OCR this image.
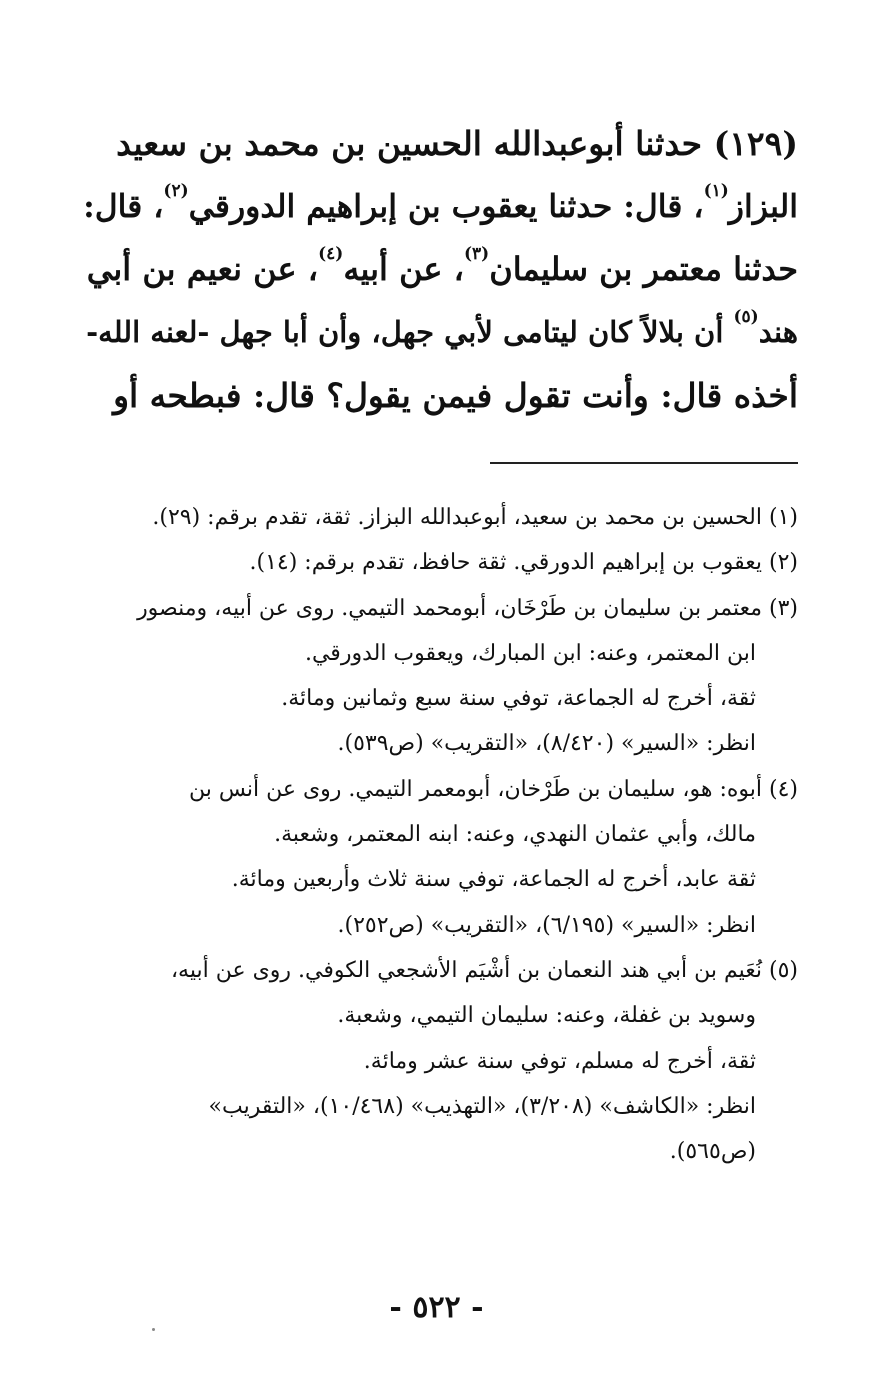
(١٢٩) حدثنا أبوعبدالله الحسين بن محمد بن سعيد
البزاز$^{(١)}$، قال: حدثنا يعقوب بن إبراهيم الدورقي$^{(٢)}$، قال:
حدثنا معتمر بن سليمان$^{(٣)}$، عن أبيه$^{(٤)}$، عن نعيم بن أبي
هند$^{(٥)}$ أن بلالاً كان ليتامى لأبي جهل، وأن أبا جهل -لعنه الله-
أخذه قال: وأنت تقول فيمن يقول؟ قال: فبطحه أو
(١) الحسين بن محمد بن سعيد، أبوعبدالله البزاز. ثقة، تقدم برقم: (٢٩).
(٢) يعقوب بن إبراهيم الدورقي. ثقة حافظ، تقدم برقم: (١٤).
(٣) معتمر بن سليمان بن طَرْخَان، أبومحمد التيمي. روى عن أبيه، ومنصور
ابن المعتمر، وعنه: ابن المبارك، ويعقوب الدورقي.
ثقة، أخرج له الجماعة، توفي سنة سبع وثمانين ومائة.
انظر: «السير» (٨/٤٢٠)، «التقريب» (ص٥٣٩).
(٤) أبوه: هو، سليمان بن طَرْخان، أبومعمر التيمي. روى عن أنس بن
مالك، وأبي عثمان النهدي، وعنه: ابنه المعتمر، وشعبة.
ثقة عابد، أخرج له الجماعة، توفي سنة ثلاث وأربعين ومائة.
انظر: «السير» (٦/١٩٥)، «التقريب» (ص٢٥٢).
(٥) نُعَيم بن أبي هند النعمان بن أشْيَم الأشجعي الكوفي. روى عن أبيه،
وسويد بن غفلة، وعنه: سليمان التيمي، وشعبة.
ثقة، أخرج له مسلم، توفي سنة عشر ومائة.
انظر: «الكاشف» (٣/٢٠٨)، «التهذيب» (١٠/٤٦٨)، «التقريب»
(ص٥٦٥).
- ٥٢٢ -
